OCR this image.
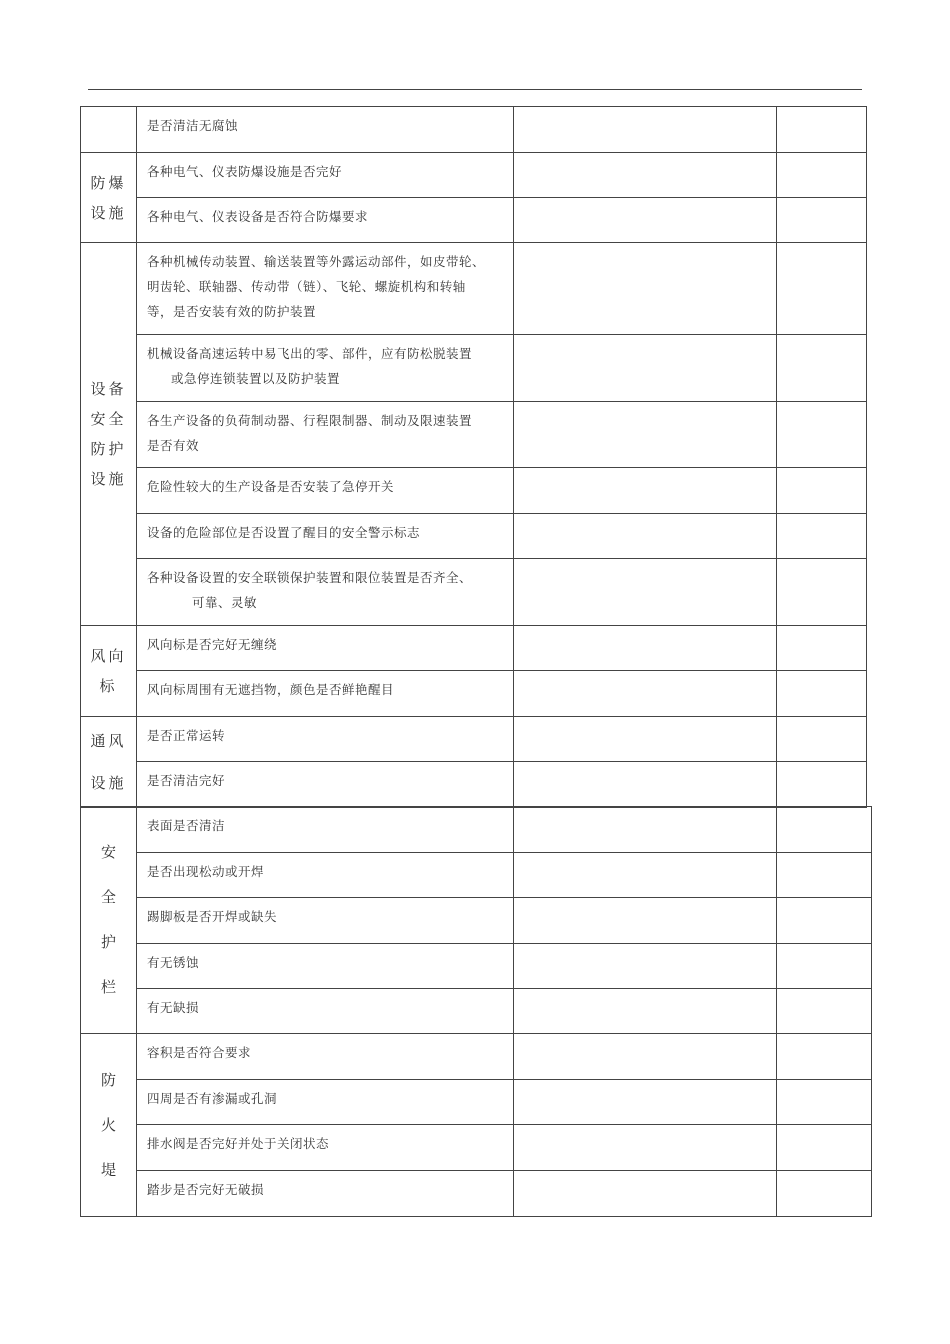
	是否清洁无腐蚀		
防爆
设施	各种电气、仪表防爆设施是否完好		
	各种电气、仪表设备是否符合防爆要求		
设备
安全
防护
设施	各种机械传动装置、输送装置等外露运动部件，如皮带轮、
明齿轮、联轴器、传动带（链）、飞轮、螺旋机构和转轴
等，是否安装有效的防护装置		
	机械设备高速运转中易飞出的零、部件，应有防松脱装置
或急停连锁装置以及防护装置		
	各生产设备的负荷制动器、行程限制器、制动及限速装置
是否有效		
	危险性较大的生产设备是否安装了急停开关		
	设备的危险部位是否设置了醒目的安全警示标志		
	各种设备设置的安全联锁保护装置和限位装置是否齐全、
可靠、灵敏		
风向
标	风向标是否完好无缠绕		
	风向标周围有无遮挡物，颜色是否鲜艳醒目		
通风
设施	是否正常运转		
	是否清洁完好		
安
全
护
栏	表面是否清洁		
	是否出现松动或开焊		
	踢脚板是否开焊或缺失		
	有无锈蚀		
	有无缺损		
防
火
堤	容积是否符合要求		
	四周是否有渗漏或孔洞		
	排水阀是否完好并处于关闭状态		
	踏步是否完好无破损		
